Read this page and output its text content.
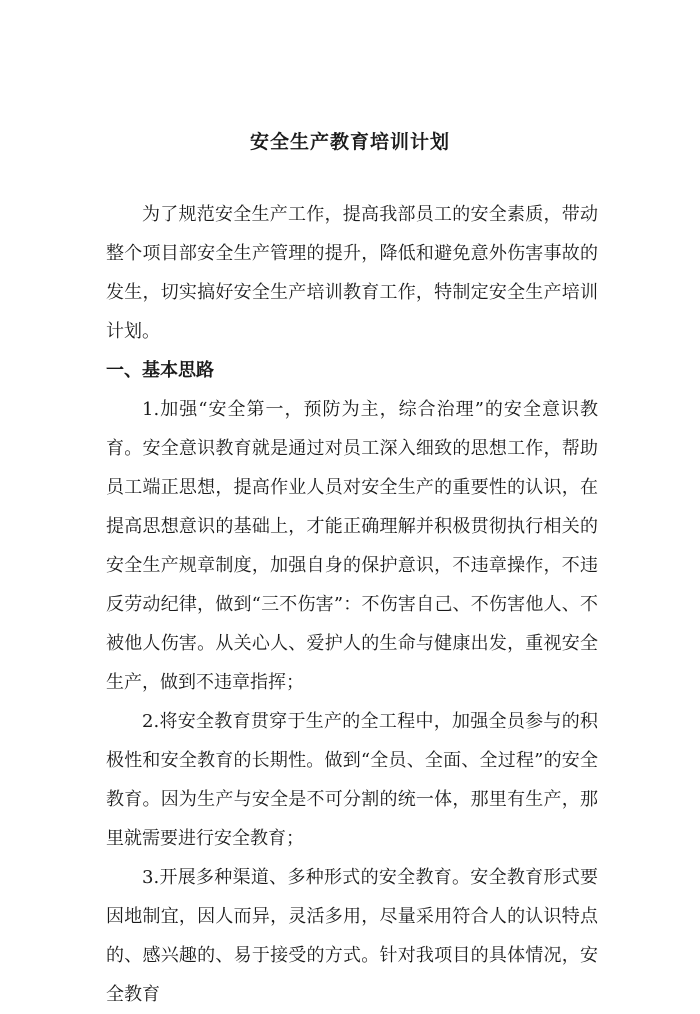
安全生产教育培训计划

为了规范安全生产工作，提高我部员工的安全素质，带动整个项目部安全生产管理的提升，降低和避免意外伤害事故的发生，切实搞好安全生产培训教育工作，特制定安全生产培训计划。

一、基本思路

1.加强“安全第一，预防为主，综合治理”的安全意识教育。安全意识教育就是通过对员工深入细致的思想工作，帮助员工端正思想，提高作业人员对安全生产的重要性的认识，在提高思想意识的基础上，才能正确理解并积极贯彻执行相关的安全生产规章制度，加强自身的保护意识，不违章操作，不违反劳动纪律，做到“三不伤害”：不伤害自己、不伤害他人、不被他人伤害。从关心人、爱护人的生命与健康出发，重视安全生产，做到不违章指挥；

2.将安全教育贯穿于生产的全工程中，加强全员参与的积极性和安全教育的长期性。做到“全员、全面、全过程”的安全教育。因为生产与安全是不可分割的统一体，那里有生产，那里就需要进行安全教育；

3.开展多种渠道、多种形式的安全教育。安全教育形式要因地制宜，因人而异，灵活多用，尽量采用符合人的认识特点的、感兴趣的、易于接受的方式。针对我项目的具体情况，安全教育
